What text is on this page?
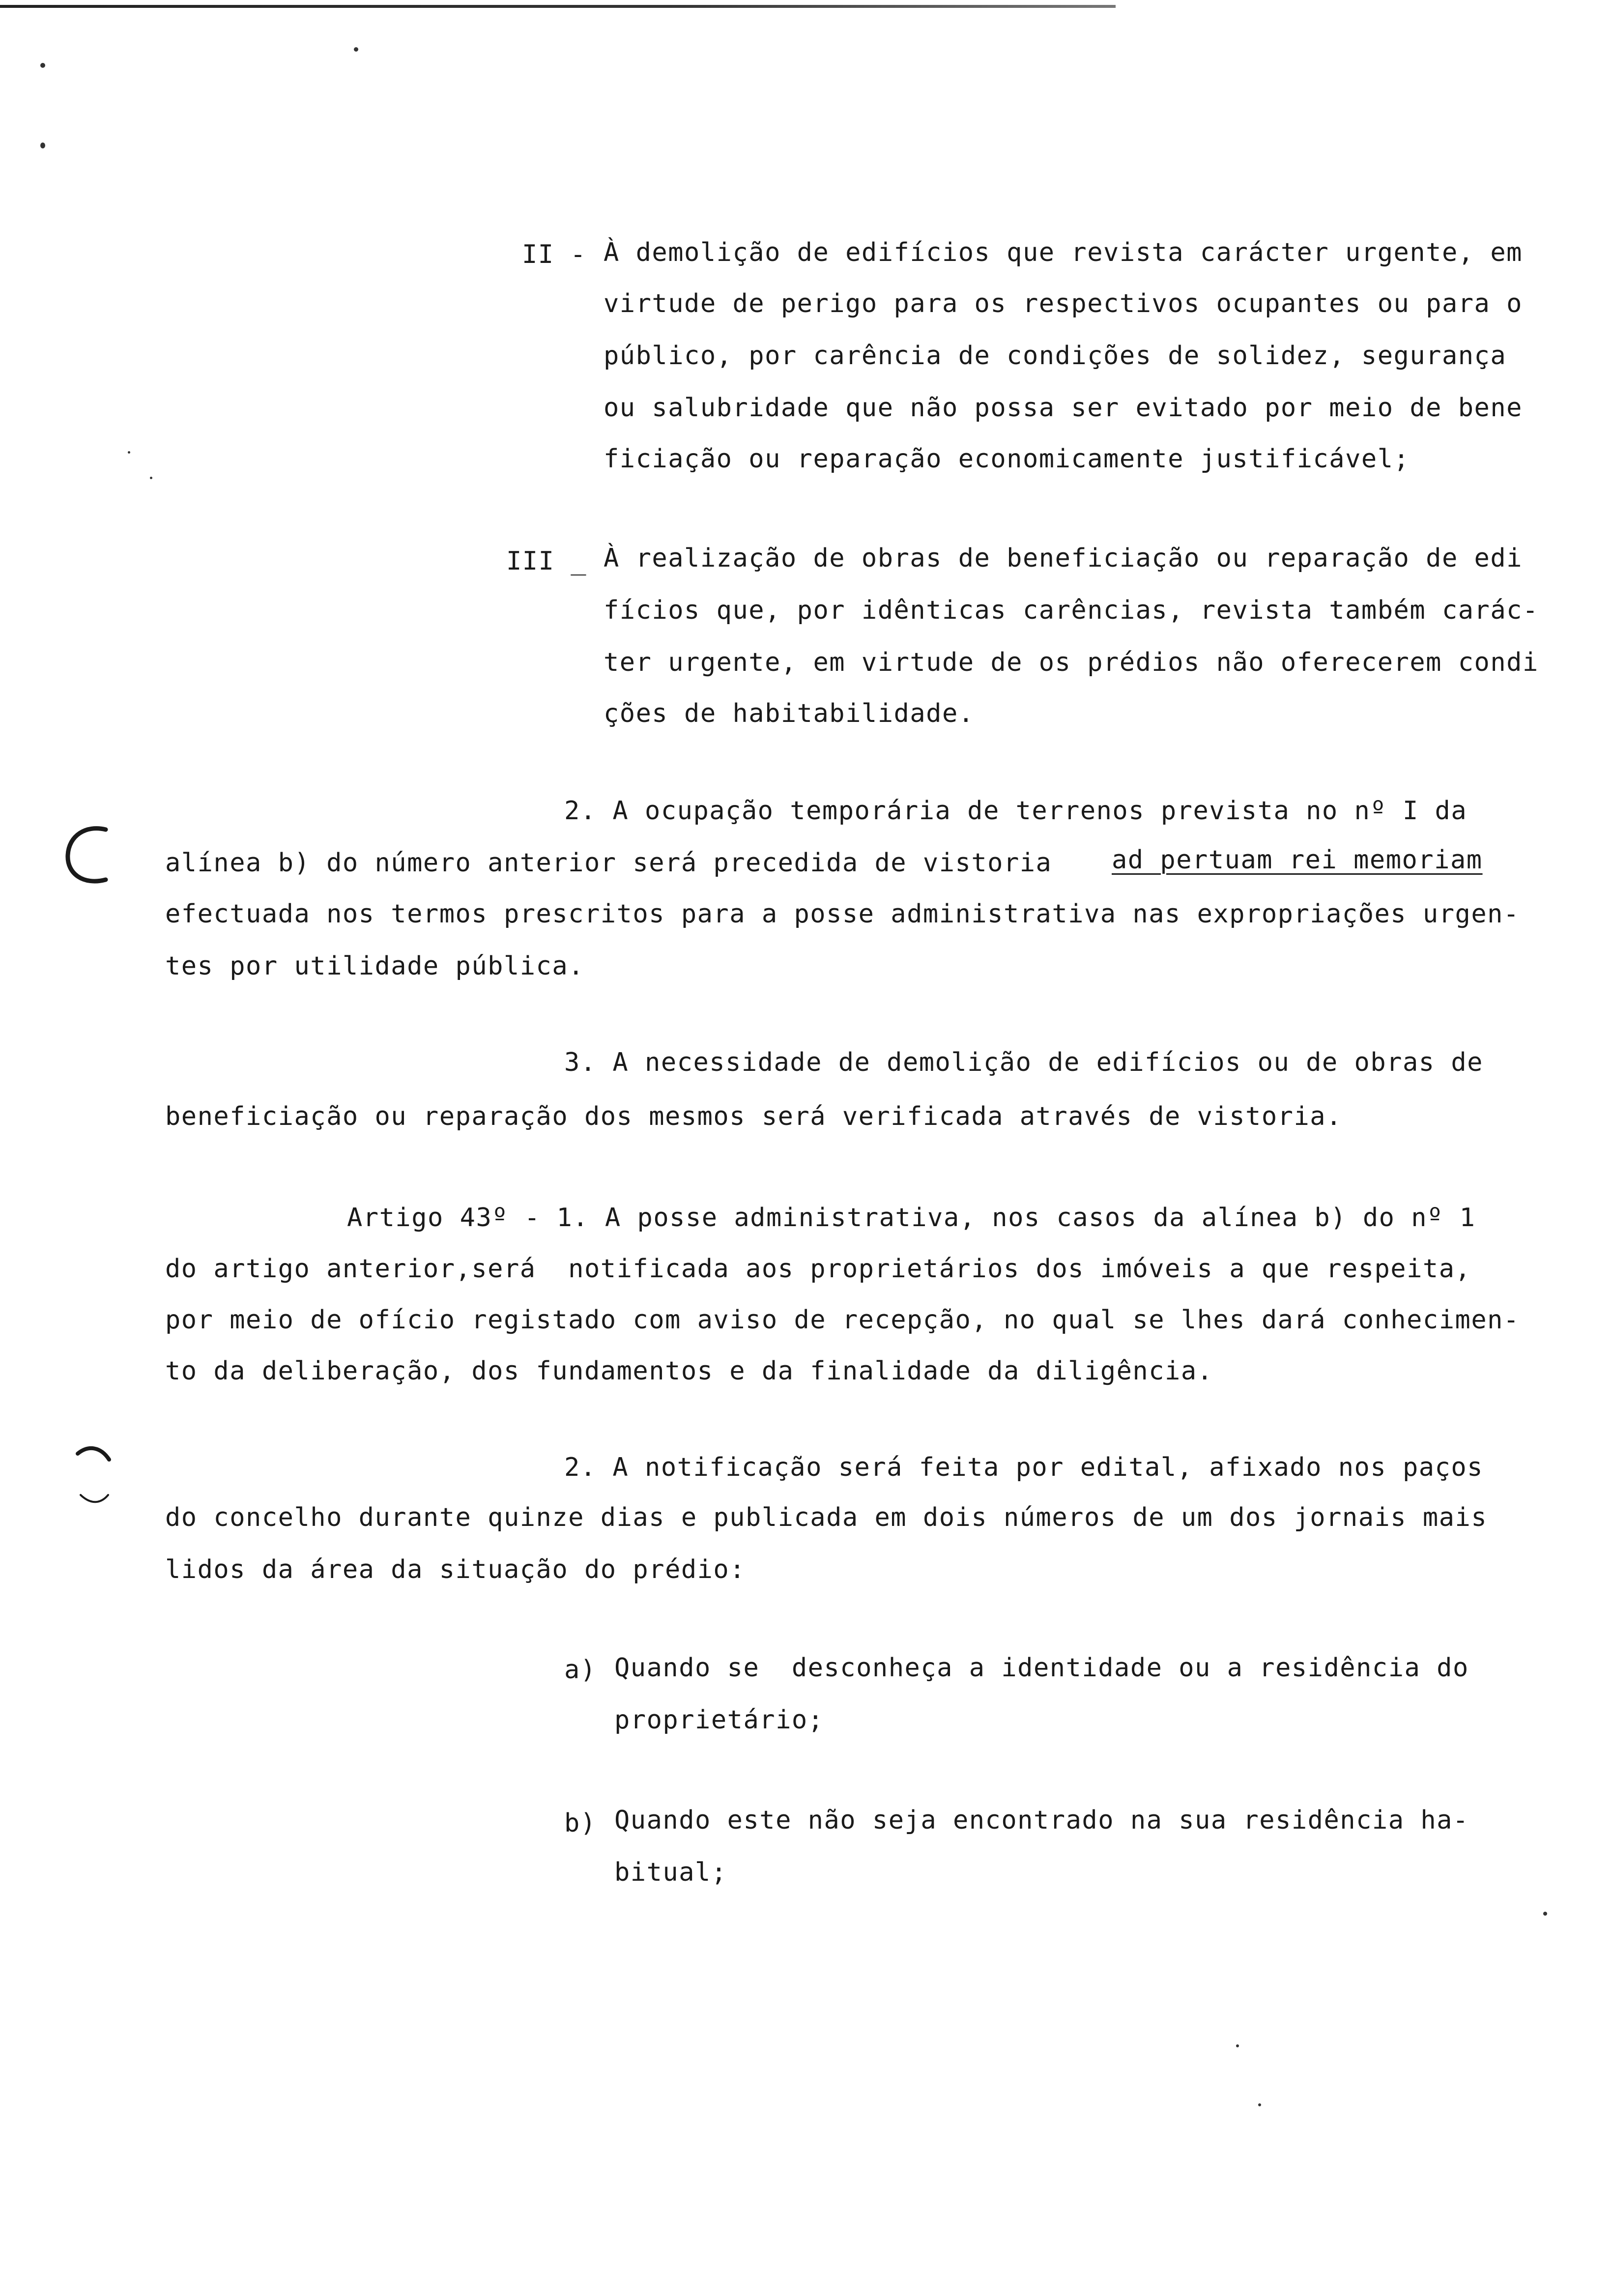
II - À demolição de edifícios que revista carácter urgente, em
virtude de perigo para os respectivos ocupantes ou para o
público, por carência de condições de solidez, segurança
ou salubridade que não possa ser evitado por meio de bene
ficiação ou reparação economicamente justificável;
III _ À realização de obras de beneficiação ou reparação de edi
fícios que, por idênticas carências, revista também carác-
ter urgente, em virtude de os prédios não oferecerem condi
ções de habitabilidade.
2. A ocupação temporária de terrenos prevista no nº I da
alínea b) do número anterior será precedida de vistoria ad pertuam rei memoriam
efectuada nos termos prescritos para a posse administrativa nas expropriações urgen-
tes por utilidade pública.
3. A necessidade de demolição de edifícios ou de obras de
beneficiação ou reparação dos mesmos será verificada através de vistoria.
Artigo 43º - 1. A posse administrativa, nos casos da alínea b) do nº 1
do artigo anterior,será  notificada aos proprietários dos imóveis a que respeita,
por meio de ofício registado com aviso de recepção, no qual se lhes dará conhecimen-
to da deliberação, dos fundamentos e da finalidade da diligência.
2. A notificação será feita por edital, afixado nos paços
do concelho durante quinze dias e publicada em dois números de um dos jornais mais
lidos da área da situação do prédio:
a) Quando se  desconheça a identidade ou a residência do
proprietário;
b) Quando este não seja encontrado na sua residência ha-
bitual;
